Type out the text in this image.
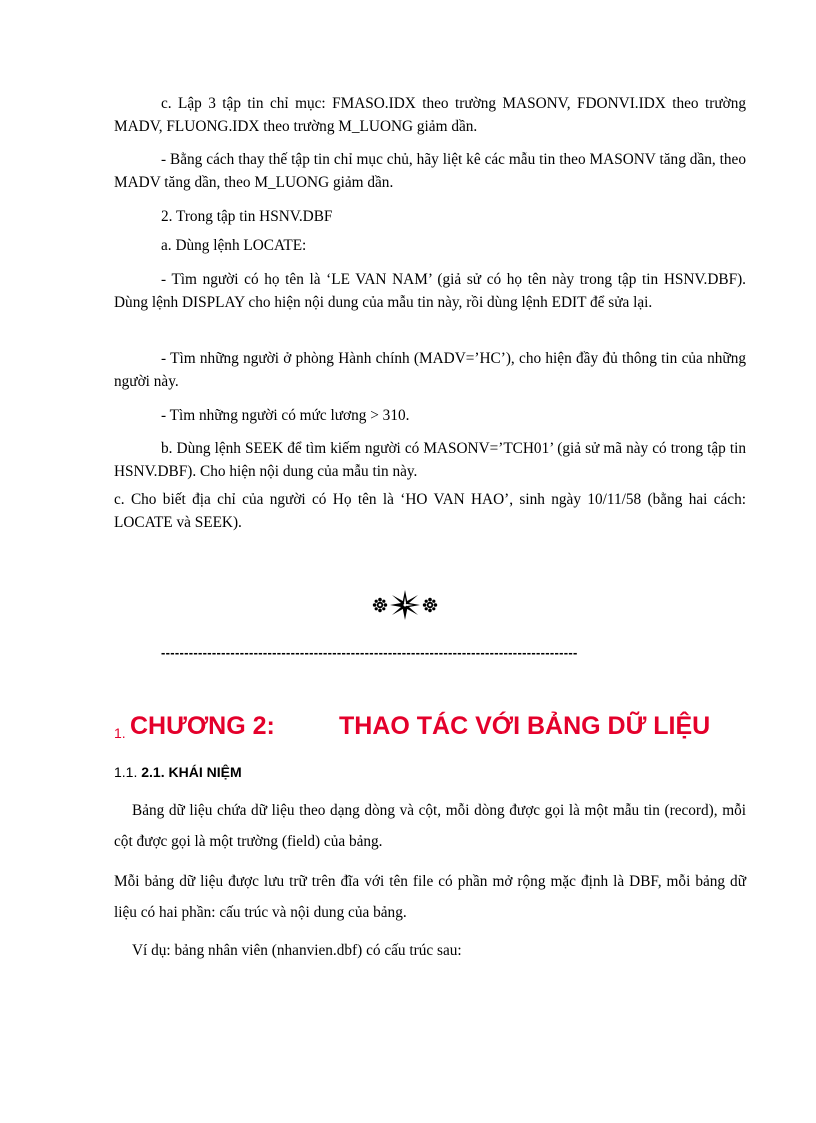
c. Lập 3 tập tin chỉ mục: FMASO.IDX theo trường MASONV, FDONVI.IDX theo trường MADV, FLUONG.IDX theo trường M_LUONG giảm dần.

- Bằng cách thay thế tập tin chỉ mục chủ, hãy liệt kê các mẫu tin theo MASONV tăng dần, theo MADV tăng dần, theo M_LUONG giảm dần.

2. Trong tập tin HSNV.DBF

a. Dùng lệnh LOCATE:

- Tìm người có họ tên là ‘LE VAN NAM’ (giả sử có họ tên này trong tập tin HSNV.DBF). Dùng lệnh DISPLAY cho hiện nội dung của mẫu tin này, rồi dùng lệnh EDIT để sửa lại.

- Tìm những người ở phòng Hành chính (MADV=’HC’), cho hiện đầy đủ thông tin của những người này.

- Tìm những người có mức lương > 310.

b. Dùng lệnh SEEK để tìm kiếm người có MASONV=’TCH01’ (giả sử mã này có trong tập tin HSNV.DBF). Cho hiện nội dung của mẫu tin này.

c. Cho biết địa chỉ của người có Họ tên là ‘HO VAN HAO’, sinh ngày 10/11/58 (bằng hai cách: LOCATE và SEEK).

------------------------------------------------------------------------------------------
1. CHƯƠNG 2:	THAO TÁC VỚI BẢNG DỮ LIỆU
1.1. 2.1. KHÁI NIỆM

Bảng dữ liệu chứa dữ liệu theo dạng dòng và cột, mỗi dòng được gọi là một mẫu tin (record), mỗi cột được gọi là một trường (field) của bảng.

Mỗi bảng dữ liệu được lưu trữ trên đĩa với tên file có phần mở rộng mặc định là DBF, mỗi bảng dữ liệu có hai phần: cấu trúc và nội dung của bảng.

Ví dụ: bảng nhân viên (nhanvien.dbf) có cấu trúc sau:
